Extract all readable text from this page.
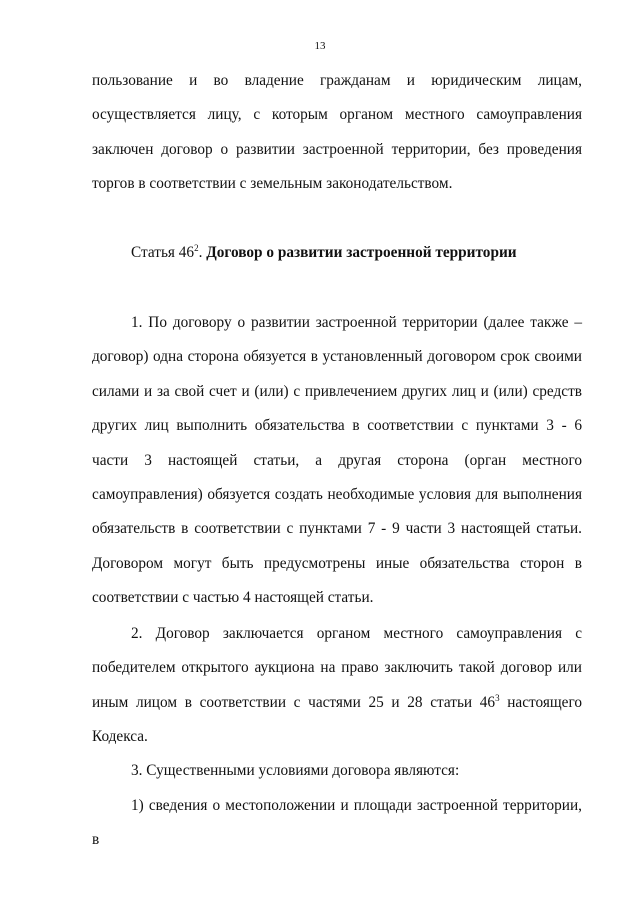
13

пользование и во владение гражданам и юридическим лицам, осуществляется лицу, с которым органом местного самоуправления заключен договор о развитии застроенной территории, без проведения торгов в соответствии с земельным законодательством.

Статья $46^2$. Договор о развитии застроенной территории

1. По договору о развитии застроенной территории (далее также – договор) одна сторона обязуется в установленный договором срок своими силами и за свой счет и (или) с привлечением других лиц и (или) средств других лиц выполнить обязательства в соответствии с пунктами 3 - 6 части 3 настоящей статьи, а другая сторона (орган местного самоуправления) обязуется создать необходимые условия для выполнения обязательств в соответствии с пунктами 7 - 9 части 3 настоящей статьи. Договором могут быть предусмотрены иные обязательства сторон в соответствии с частью 4 настоящей статьи.

2. Договор заключается органом местного самоуправления с победителем открытого аукциона на право заключить такой договор или иным лицом в соответствии с частями 25 и 28 статьи $46^3$ настоящего Кодекса.

3. Существенными условиями договора являются:

1) сведения о местоположении и площади застроенной территории, в
